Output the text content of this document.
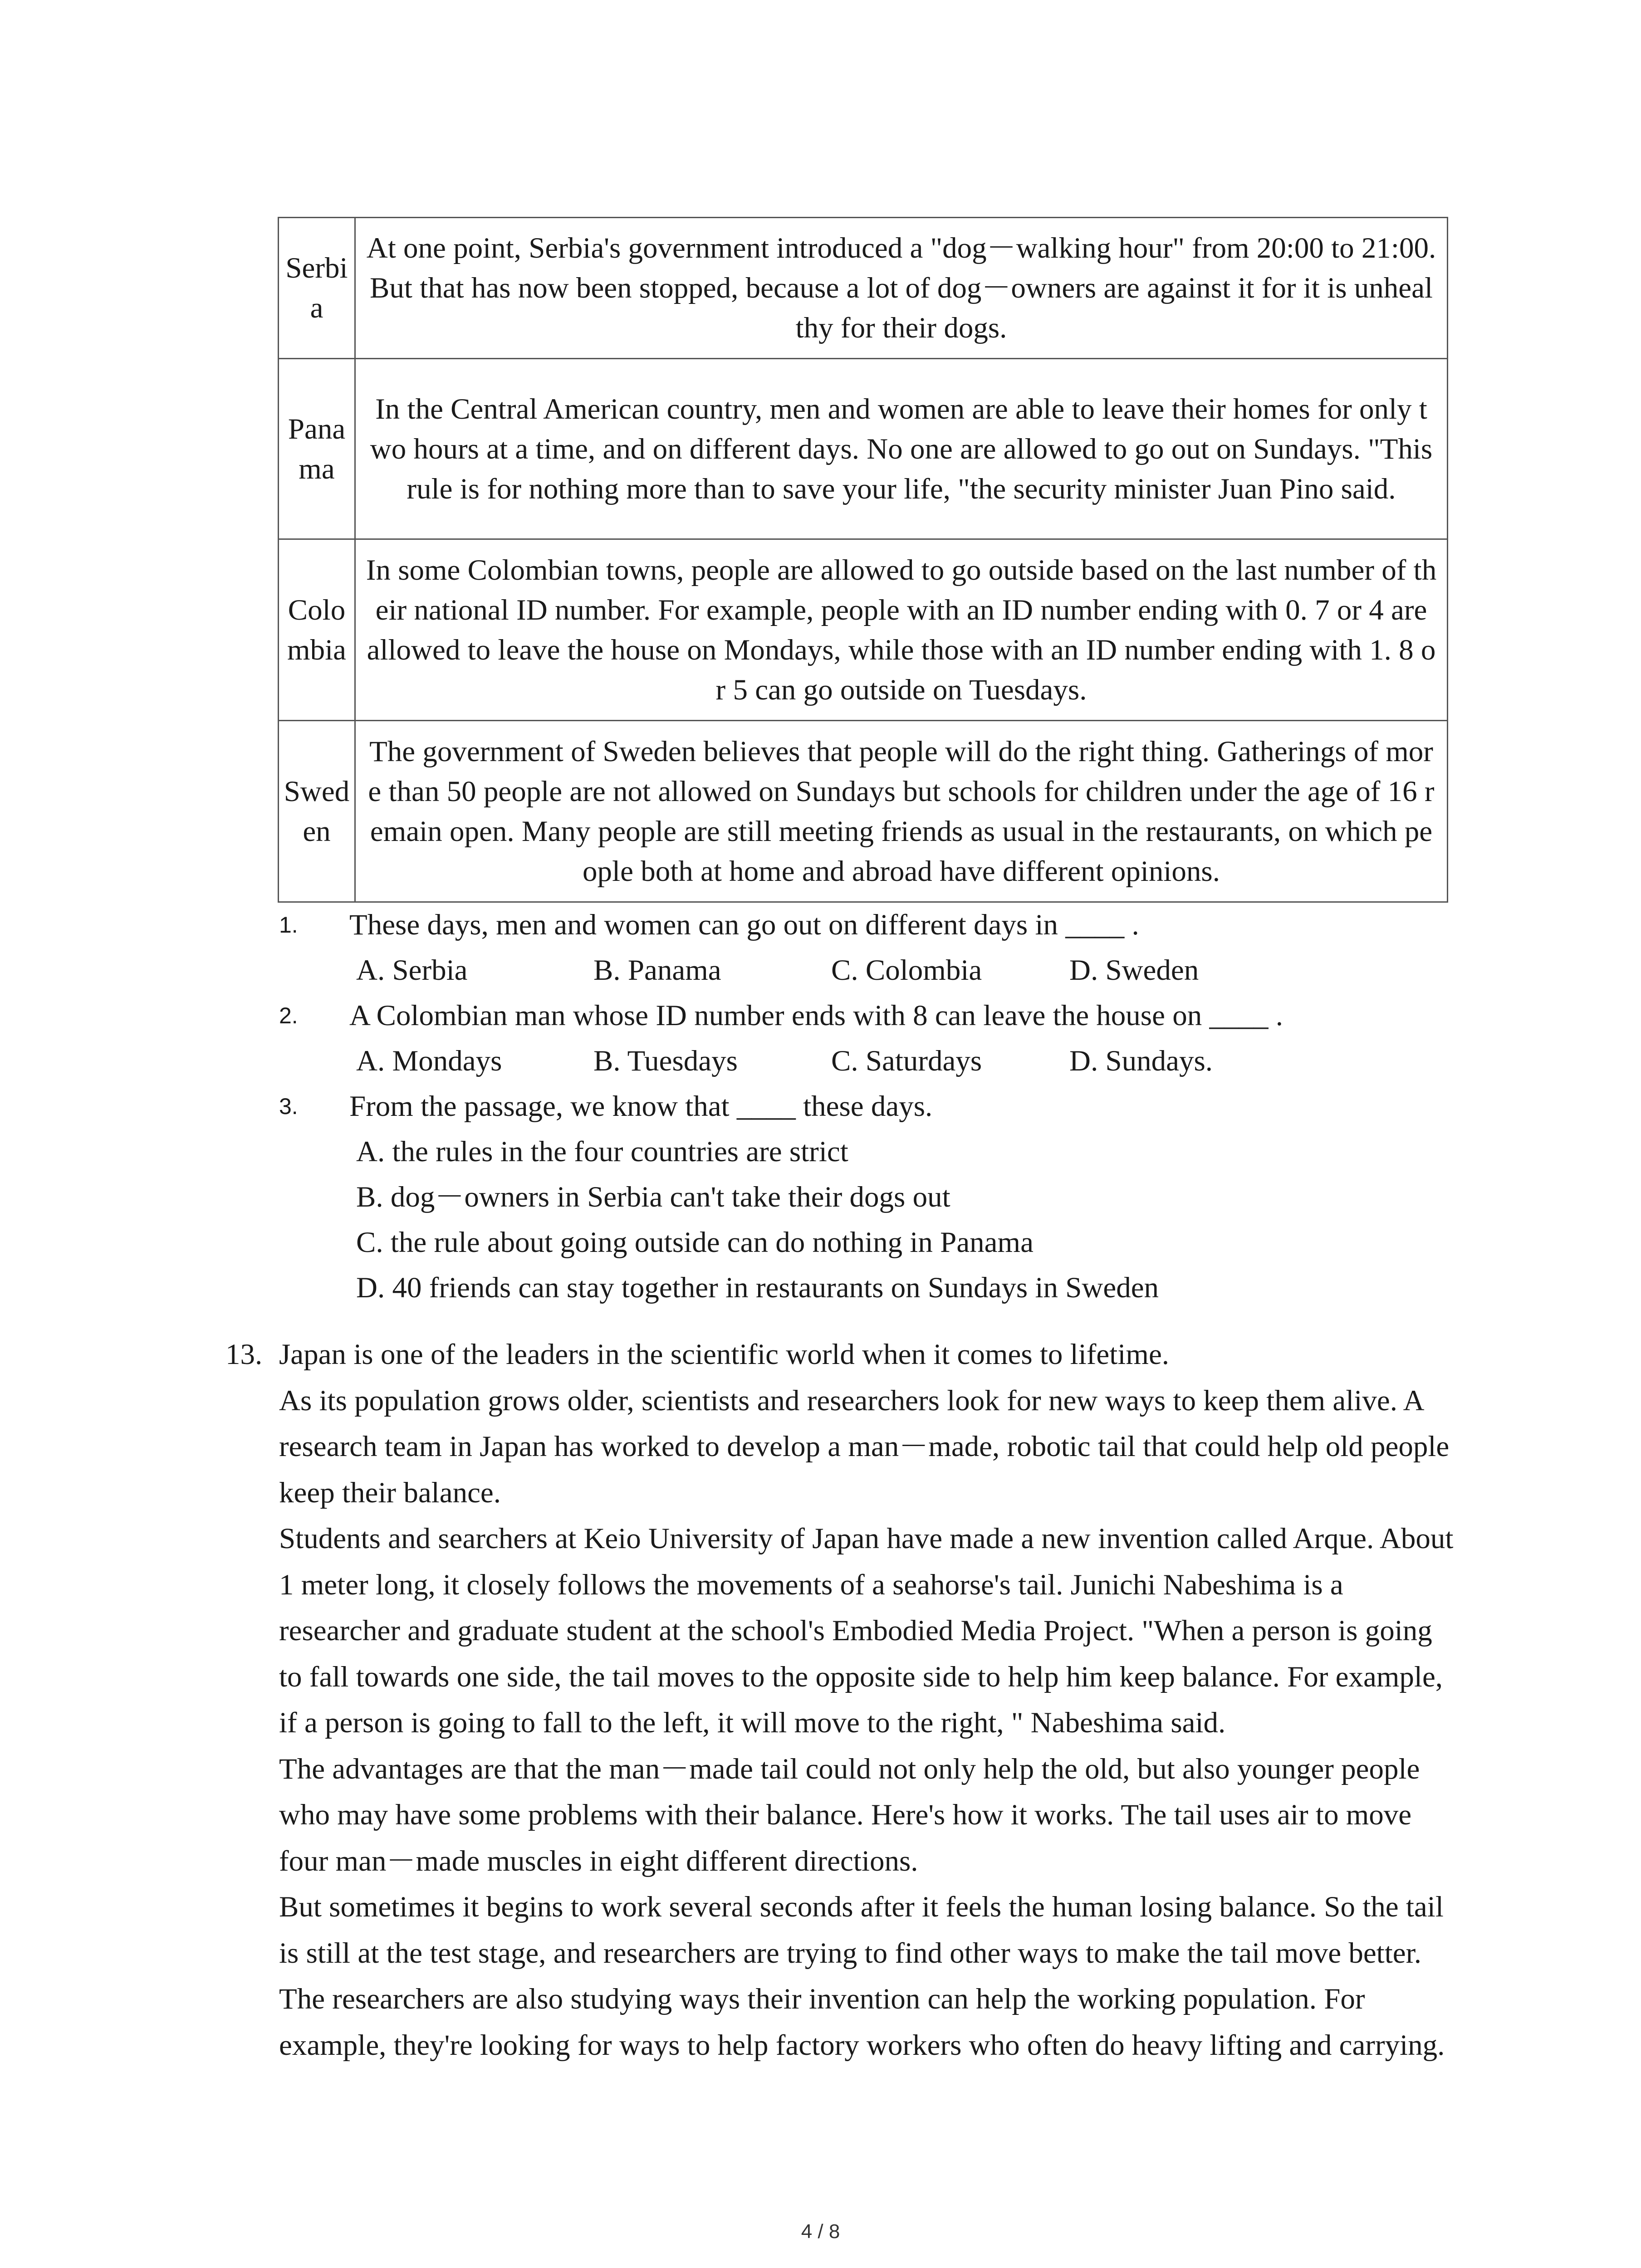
Serbia	At one point, Serbia's government introduced a "dog－walking hour" from 20:00 to 21:00. But that has now been stopped, because a lot of dog－owners are against it for it is unhealthy for their dogs.
Panama	In the Central American country, men and women are able to leave their homes for only two hours at a time, and on different days. No one are allowed to go out on Sundays. "This rule is for nothing more than to save your life, "the security minister Juan Pino said.
Colombia	In some Colombian towns, people are allowed to go outside based on the last number of their national ID number. For example, people with an ID number ending with 0. 7 or 4 are allowed to leave the house on Mondays, while those with an ID number ending with 1. 8 or 5 can go outside on Tuesdays.
Sweden	The government of Sweden believes that people will do the right thing. Gatherings of more than 50 people are not allowed on Sundays but schools for children under the age of 16 remain open. Many people are still meeting friends as usual in the restaurants, on which people both at home and abroad have different opinions.
1. These days, men and women can go out on different days in ____ .
A. Serbia	B. Panama	C. Colombia	D. Sweden
2. A Colombian man whose ID number ends with 8 can leave the house on ____ .
A. Mondays	B. Tuesdays	C. Saturdays	D. Sundays.
3. From the passage, we know that ____ these days.
A. the rules in the four countries are strict
B. dog－owners in Serbia can't take their dogs out
C. the rule about going outside can do nothing in Panama
D. 40 friends can stay together in restaurants on Sundays in Sweden
13. Japan is one of the leaders in the scientific world when it comes to lifetime.

As its population grows older, scientists and researchers look for new ways to keep them alive. A research team in Japan has worked to develop a man－made, robotic tail that could help old people keep their balance.

Students and searchers at Keio University of Japan have made a new invention called Arque. About 1 meter long, it closely follows the movements of a seahorse's tail. Junichi Nabeshima is a researcher and graduate student at the school's Embodied Media Project. "When a person is going to fall towards one side, the tail moves to the opposite side to help him keep balance. For example, if a person is going to fall to the left, it will move to the right, " Nabeshima said.

The advantages are that the man－made tail could not only help the old, but also younger people who may have some problems with their balance. Here's how it works. The tail uses air to move four man－made muscles in eight different directions.

But sometimes it begins to work several seconds after it feels the human losing balance. So the tail is still at the test stage, and researchers are trying to find other ways to make the tail move better.

The researchers are also studying ways their invention can help the working population. For example, they're looking for ways to help factory workers who often do heavy lifting and carrying.

4 / 8
